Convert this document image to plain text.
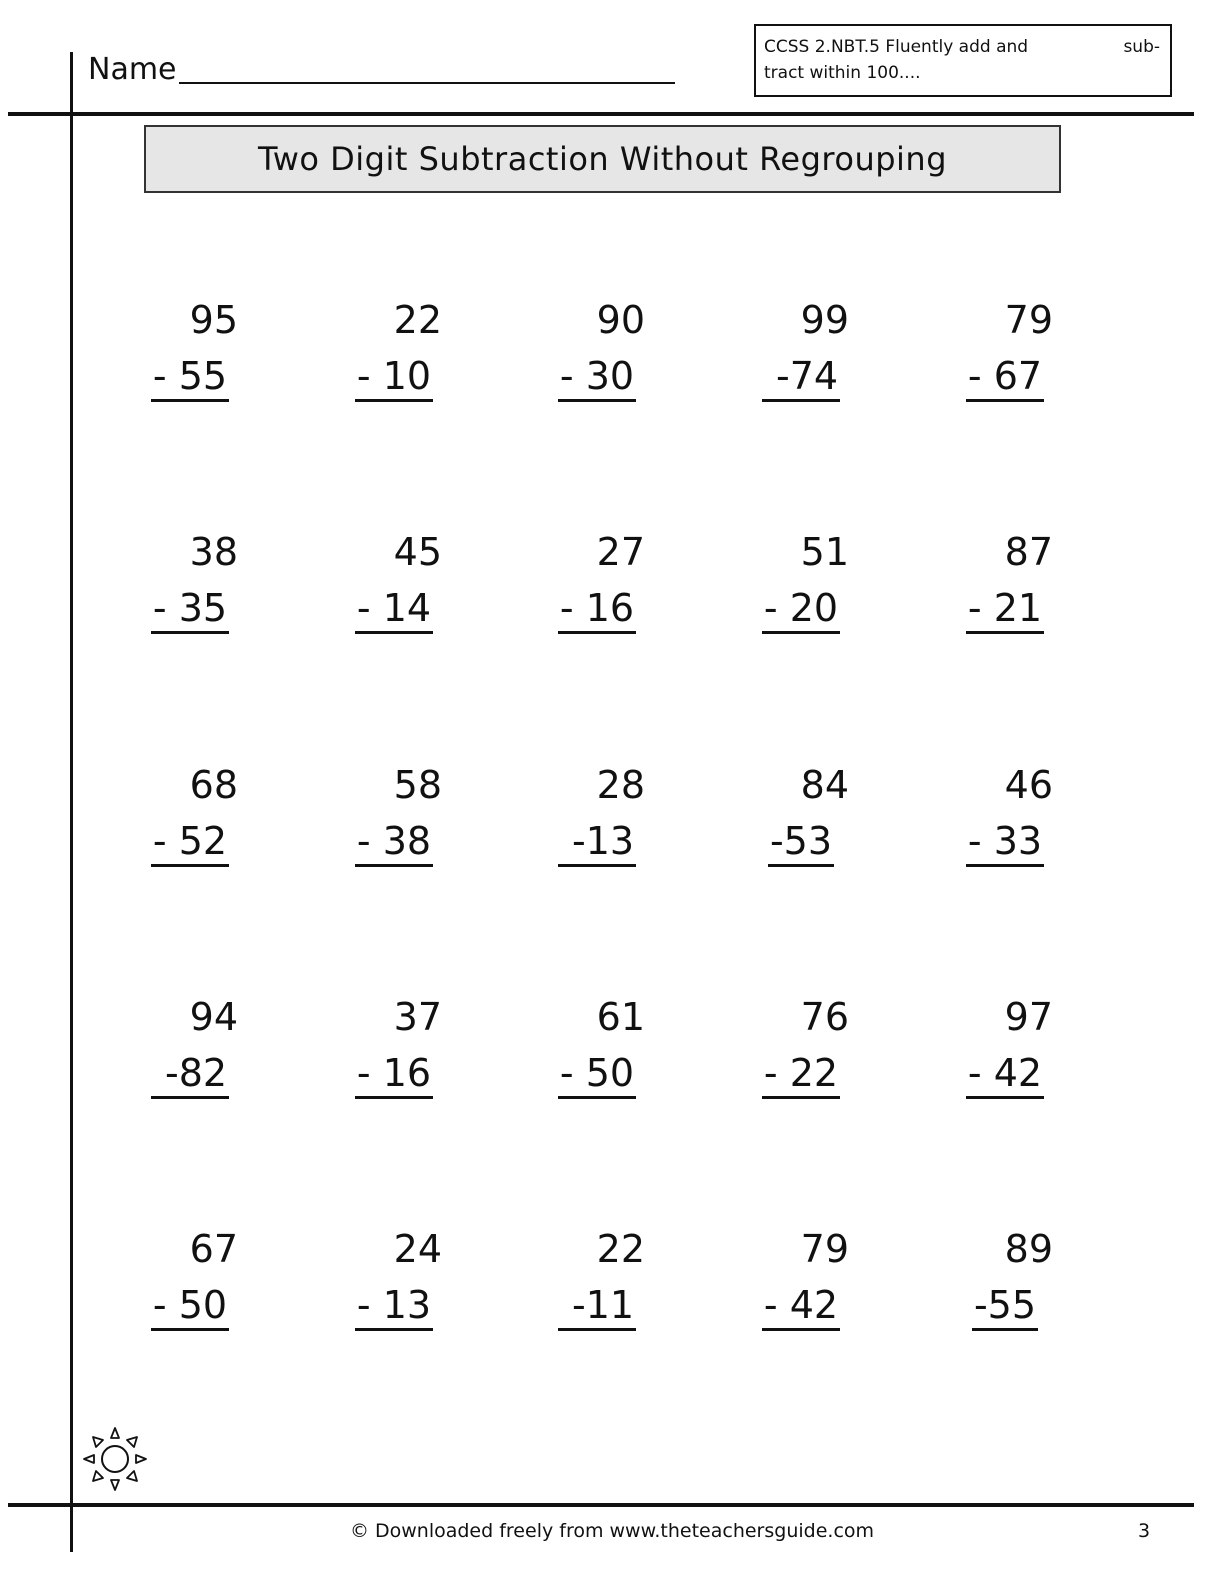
Name
CCSS 2.NBT.5 Fluently add and	sub-
tract within 100....
Two Digit Subtraction Without Regrouping
95
- 55
22
- 10
90
- 30
99
-74
79
- 67
38
- 35
45
- 14
27
- 16
51
- 20
87
- 21
68
- 52
58
- 38
28
-13
84
-53
46
- 33
94
-82
37
- 16
61
- 50
76
- 22
97
- 42
67
- 50
24
- 13
22
-11
79
- 42
89
-55
© Downloaded freely from www.theteachersguide.com	3
